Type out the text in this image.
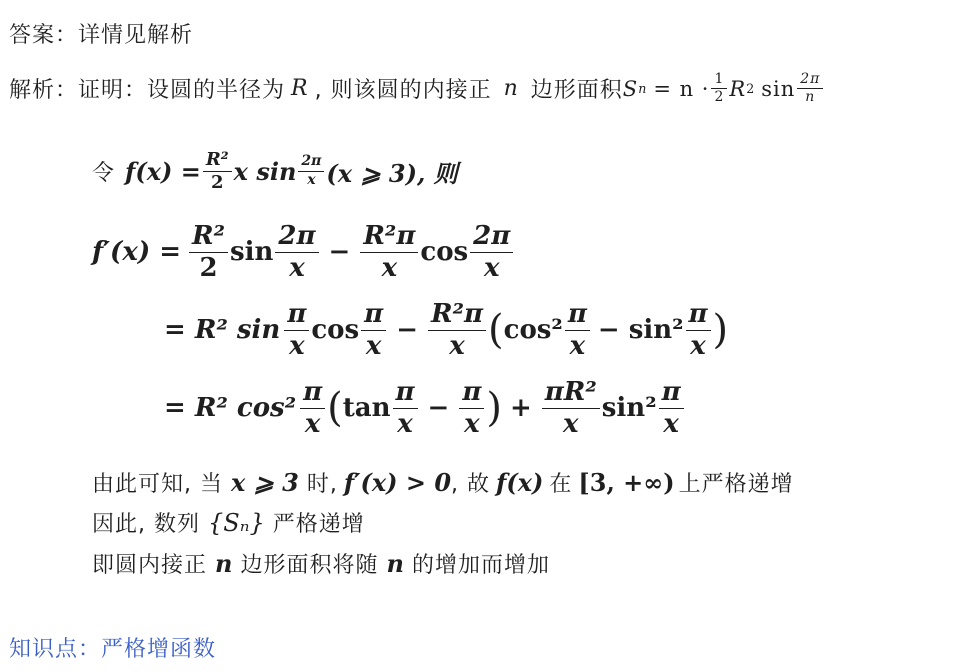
答案：详情见解析
解析： 证明：设圆的半径为 R , 则该圆的内接正 n 边形面积 S $n = n \cdot \frac{1}{2}$ R 2 $\sin \frac{2\pi}{n}$
令 $f(x) = \frac{\text{R²}}{2}$ x $\sin \frac{2\pi}{x} (x$ ⩾ 3), 则
$f'(x) = \frac{\text{R²}}{2}$ $\sin \frac{2\pi}{x} - \frac{\text{R²π}}{x}$ $\cos \frac{2\pi}{x}$
= R² $\sin \frac{\pi}{x}$ $\cos \frac{\pi}{x} - \frac{\text{R²π}}{x}$ ( $\cos^2 \frac{\pi}{x} - \sin^2 \frac{\pi}{x}$ )
= R² $\cos^2 \frac{\pi}{x}$ ( $\tan \frac{\pi}{x} - \frac{\pi}{x}$ ) + $\frac{\text{πR²}}{x} \sin^2 \frac{\pi}{x}$
由此可知, 当 x ⩾ 3 时, f′(x) > 0 , 故 f(x) 在 [3, +∞) 上严格递增
因此, 数列 {Sₙ} 严格递增
即圆内接正 n 边形面积将随 n 的增加而增加
知识点：严格增函数
